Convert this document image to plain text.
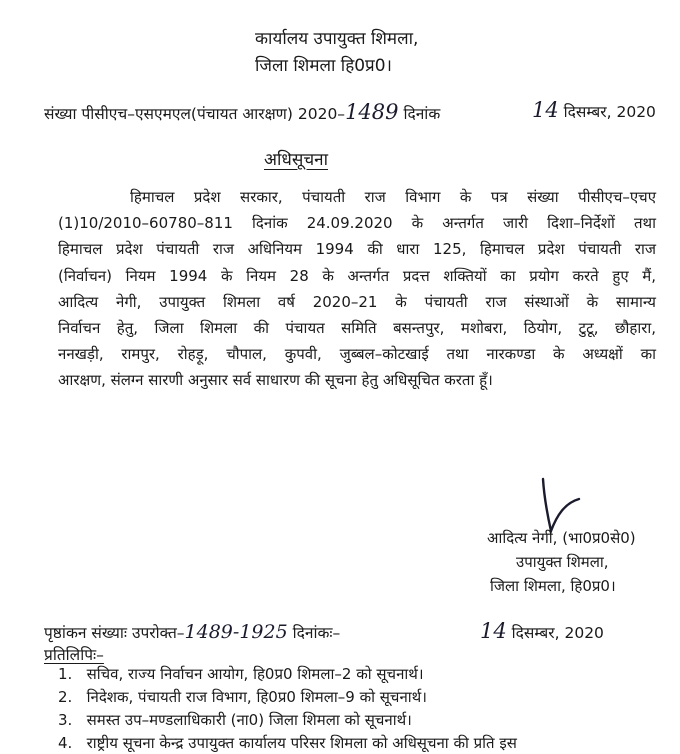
कार्यालय उपायुक्त शिमला,
जिला शिमला हि0प्र0।
संख्या पीसीएच–एसएमएल(पंचायत आरक्षण) 2020–1489 दिनांक	14 दिसम्बर, 2020
अधिसूचना
हिमाचल प्रदेश सरकार, पंचायती राज विभाग के पत्र संख्या पीसीएच–एचए
(1)10/2010–60780–811 दिनांक 24.09.2020 के अन्तर्गत जारी दिशा–निर्देशों तथा
हिमाचल प्रदेश पंचायती राज अधिनियम 1994 की धारा 125, हिमाचल प्रदेश पंचायती राज
(निर्वाचन) नियम 1994 के नियम 28 के अन्तर्गत प्रदत्त शक्तियों का प्रयोग करते हुए मैं,
आदित्य नेगी, उपायुक्त शिमला वर्ष 2020–21 के पंचायती राज संस्थाओं के सामान्य
निर्वाचन हेतु, जिला शिमला की पंचायत समिति बसन्तपुर, मशोबरा, ठियोग, टुटू, छौहारा,
ननखड़ी, रामपुर, रोहड़ू, चौपाल, कुपवी, जुब्बल–कोटखाई तथा नारकण्डा के अध्यक्षों का
आरक्षण, संलग्न सारणी अनुसार सर्व साधारण की सूचना हेतु अधिसूचित करता हूँ।
आदित्य नेगी, (भा0प्र0से0)
उपायुक्त शिमला,
जिला शिमला, हि0प्र0।
पृष्ठांकन संख्याः उपरोक्त–1489-1925 दिनांकः–	14 दिसम्बर, 2020
प्रतिलिपिः–
1. सचिव, राज्य निर्वाचन आयोग, हि0प्र0 शिमला–2 को सूचनार्थ।
2. निदेशक, पंचायती राज विभाग, हि0प्र0 शिमला–9 को सूचनार्थ।
3. समस्त उप–मण्डलाधिकारी (ना0) जिला शिमला को सूचनार्थ।
4. राष्ट्रीय सूचना केन्द्र उपायुक्त कार्यालय परिसर शिमला को अधिसूचना की प्रति इस
